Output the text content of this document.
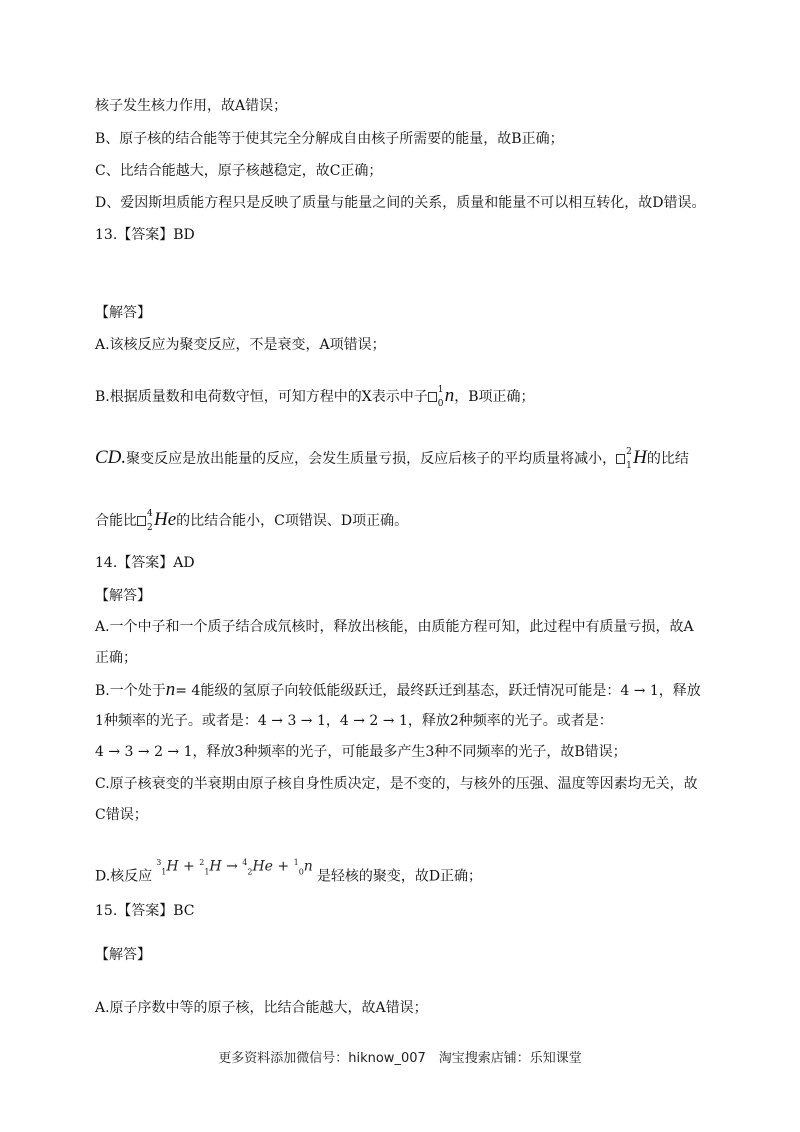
核子发生核力作用，故A错误；
B、原子核的结合能等于使其完全分解成自由核子所需要的能量，故B正确；
C、比结合能越大，原子核越稳定，故C正确；
D、爱因斯坦质能方程只是反映了质量与能量之间的关系，质量和能量不可以相互转化，故D错误。
13.【答案】BD
【解答】
A.该核反应为聚变反应，不是衰变，A项错误；
B.根据质量数和电荷数守恒，可知方程中的X表示中子 1
0 n，B项正确；
CD.聚变反应是放出能量的反应，会发生质量亏损，反应后核子的平均质量将减小， 2
1 H的比结
合能比 4
2 He的比结合能小，C项错误、D项正确。
14.【答案】AD
【解答】
A.一个中子和一个质子结合成氘核时，释放出核能，由质能方程可知，此过程中有质量亏损，故A
正确；
B.一个处于n= 4能级的氢原子向较低能级跃迁，最终跃迁到基态，跃迁情况可能是：4 → 1，释放
1种频率的光子。或者是：4 → 3 → 1，4 → 2 → 1，释放2种频率的光子。或者是：
4 → 3 → 2 → 1，释放3种频率的光子，可能最多产生3种不同频率的光子，故B错误；
C.原子核衰变的半衰期由原子核自身性质决定，是不变的，与核外的压强、温度等因素均无关，故
C错误；
D.核反应$^3_1$H + $^2_1$H → $^4_2$He + $^1_0$n是轻核的聚变，故D正确；
15.【答案】BC
【解答】
A.原子序数中等的原子核，比结合能越大，故A错误；
更多资料添加微信号：hiknow_007　淘宝搜索店铺：乐知课堂
